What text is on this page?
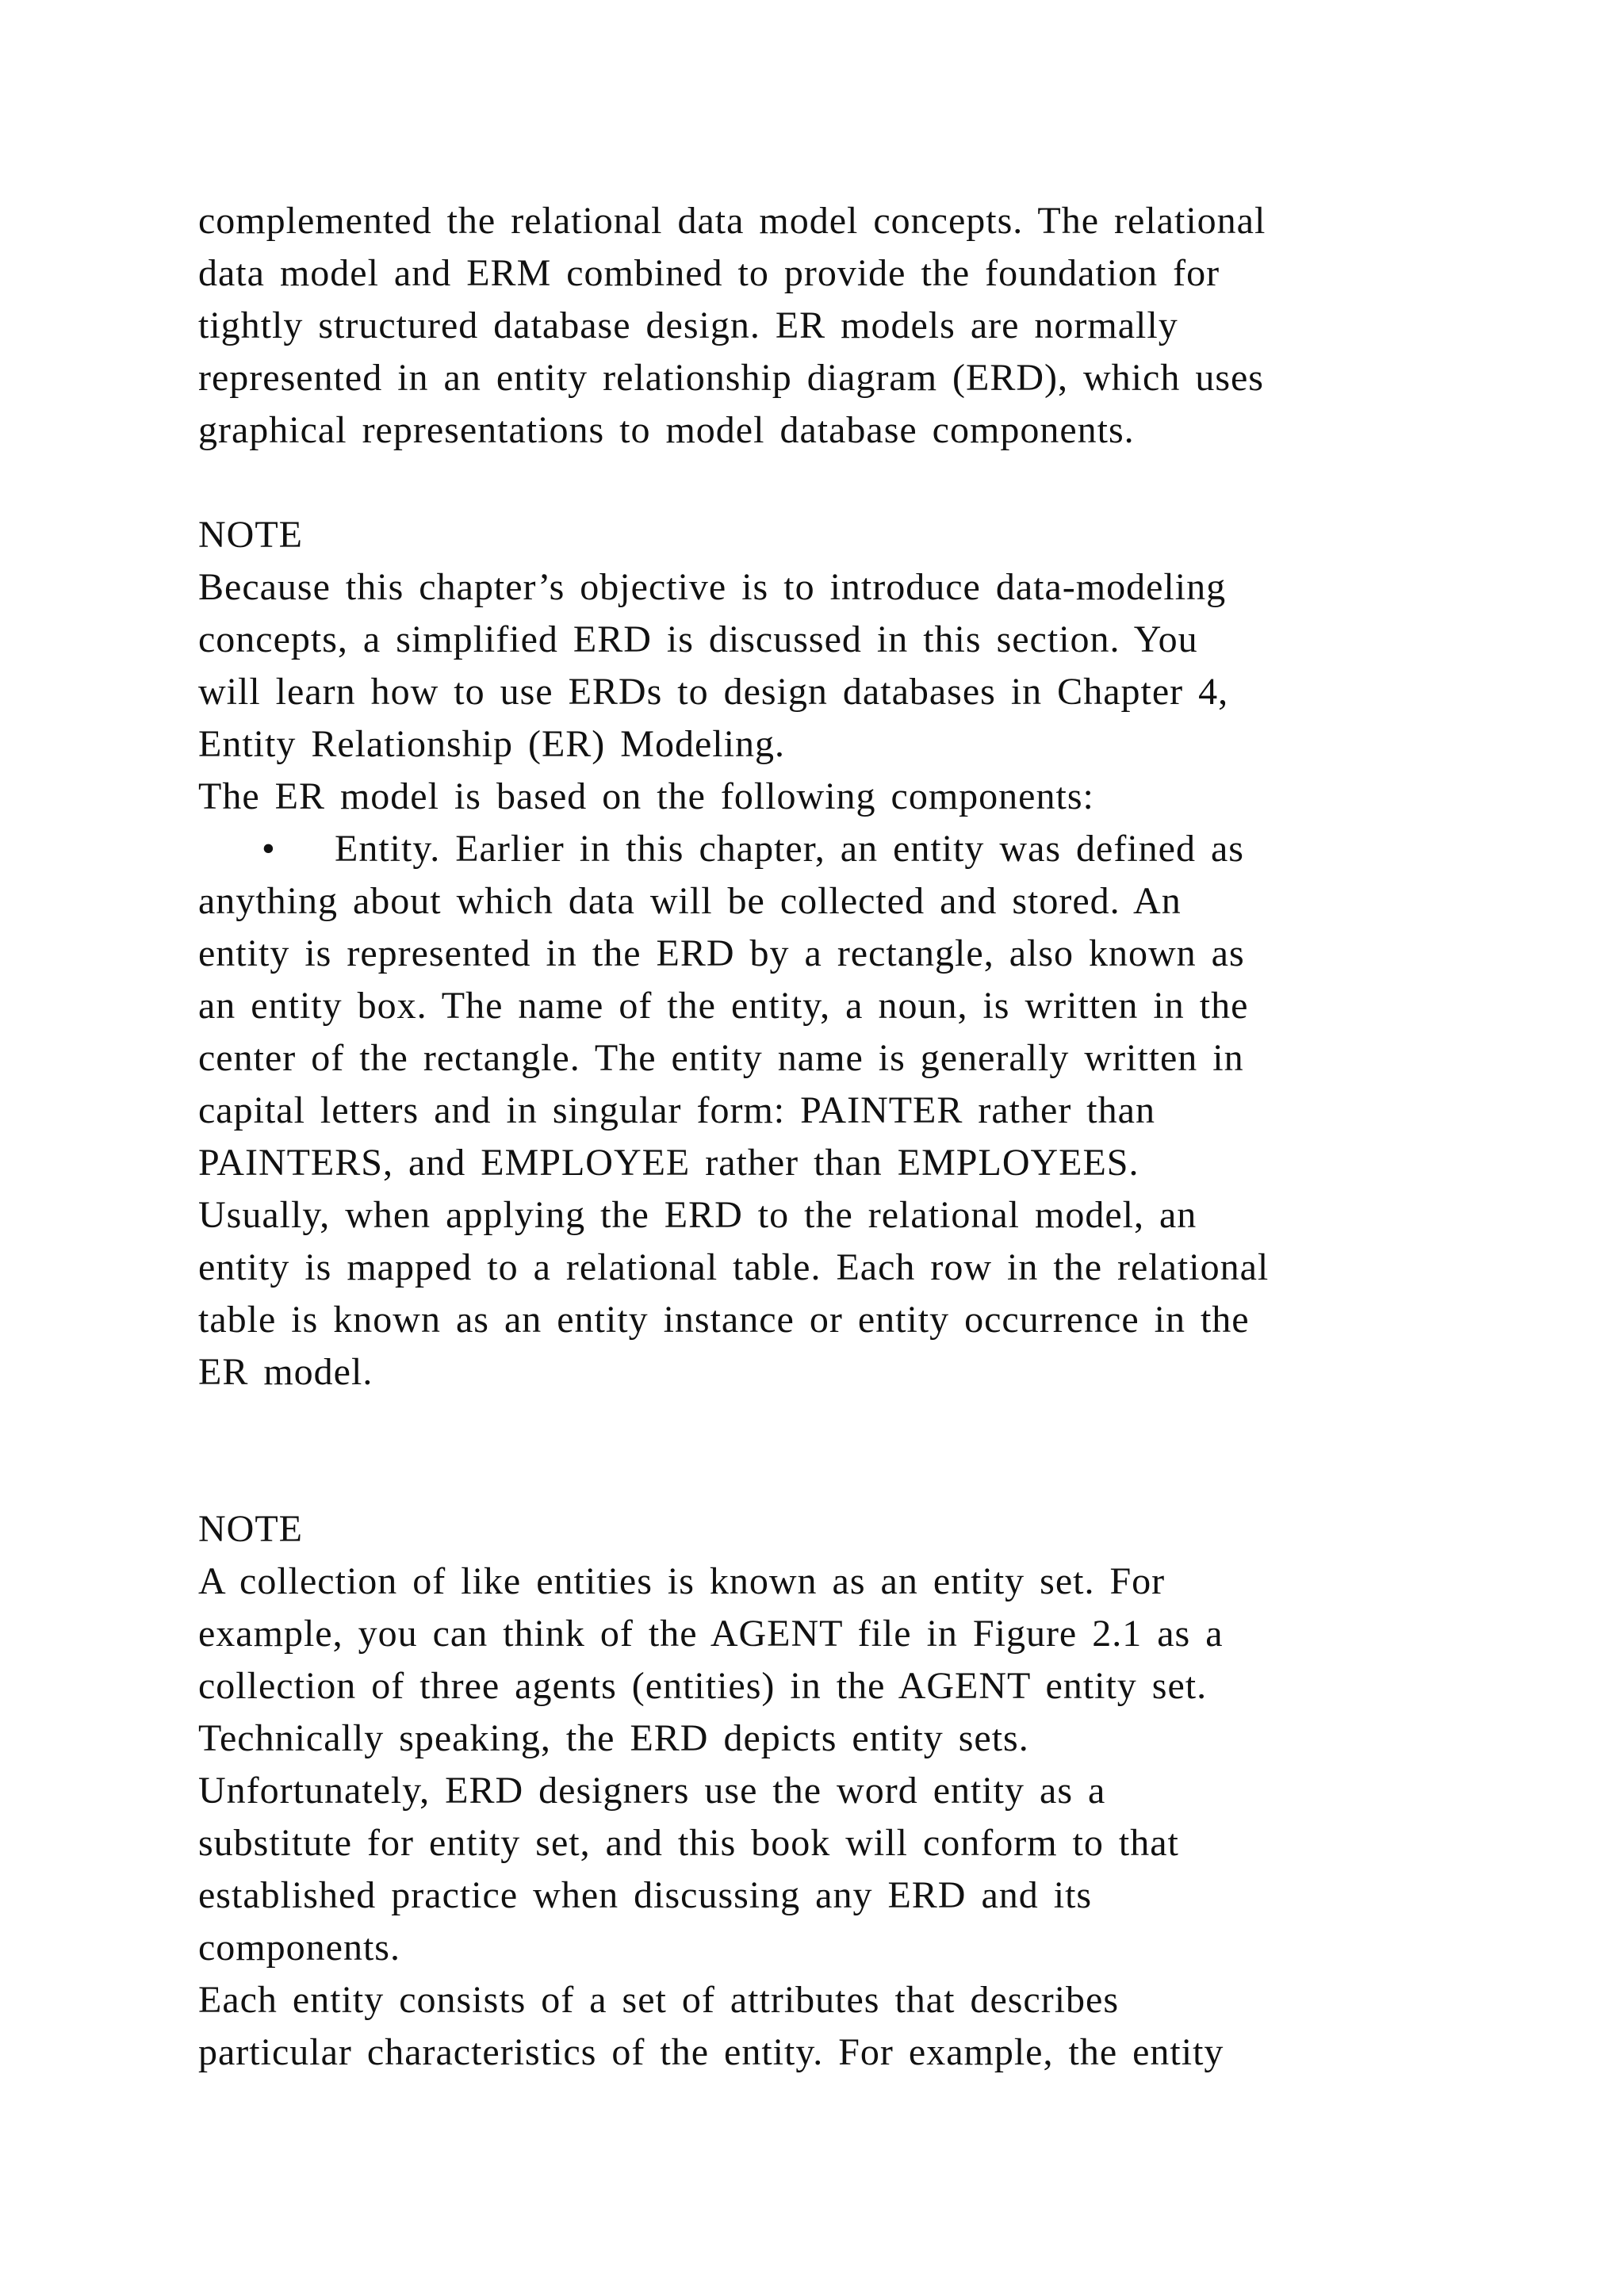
complemented the relational data model concepts. The relational
data model and ERM combined to provide the foundation for
tightly structured database design. ER models are normally
represented in an entity relationship diagram (ERD), which uses
graphical representations to model database components.
NOTE
Because this chapter’s objective is to introduce data-modeling
concepts, a simplified ERD is discussed in this section. You
will learn how to use ERDs to design databases in Chapter 4,
Entity Relationship (ER) Modeling.
The ER model is based on the following components:
• Entity. Earlier in this chapter, an entity was defined as
anything about which data will be collected and stored. An
entity is represented in the ERD by a rectangle, also known as
an entity box. The name of the entity, a noun, is written in the
center of the rectangle. The entity name is generally written in
capital letters and in singular form: PAINTER rather than
PAINTERS, and EMPLOYEE rather than EMPLOYEES.
Usually, when applying the ERD to the relational model, an
entity is mapped to a relational table. Each row in the relational
table is known as an entity instance or entity occurrence in the
ER model.
NOTE
A collection of like entities is known as an entity set. For
example, you can think of the AGENT file in Figure 2.1 as a
collection of three agents (entities) in the AGENT entity set.
Technically speaking, the ERD depicts entity sets.
Unfortunately, ERD designers use the word entity as a
substitute for entity set, and this book will conform to that
established practice when discussing any ERD and its
components.
Each entity consists of a set of attributes that describes
particular characteristics of the entity. For example, the entity
